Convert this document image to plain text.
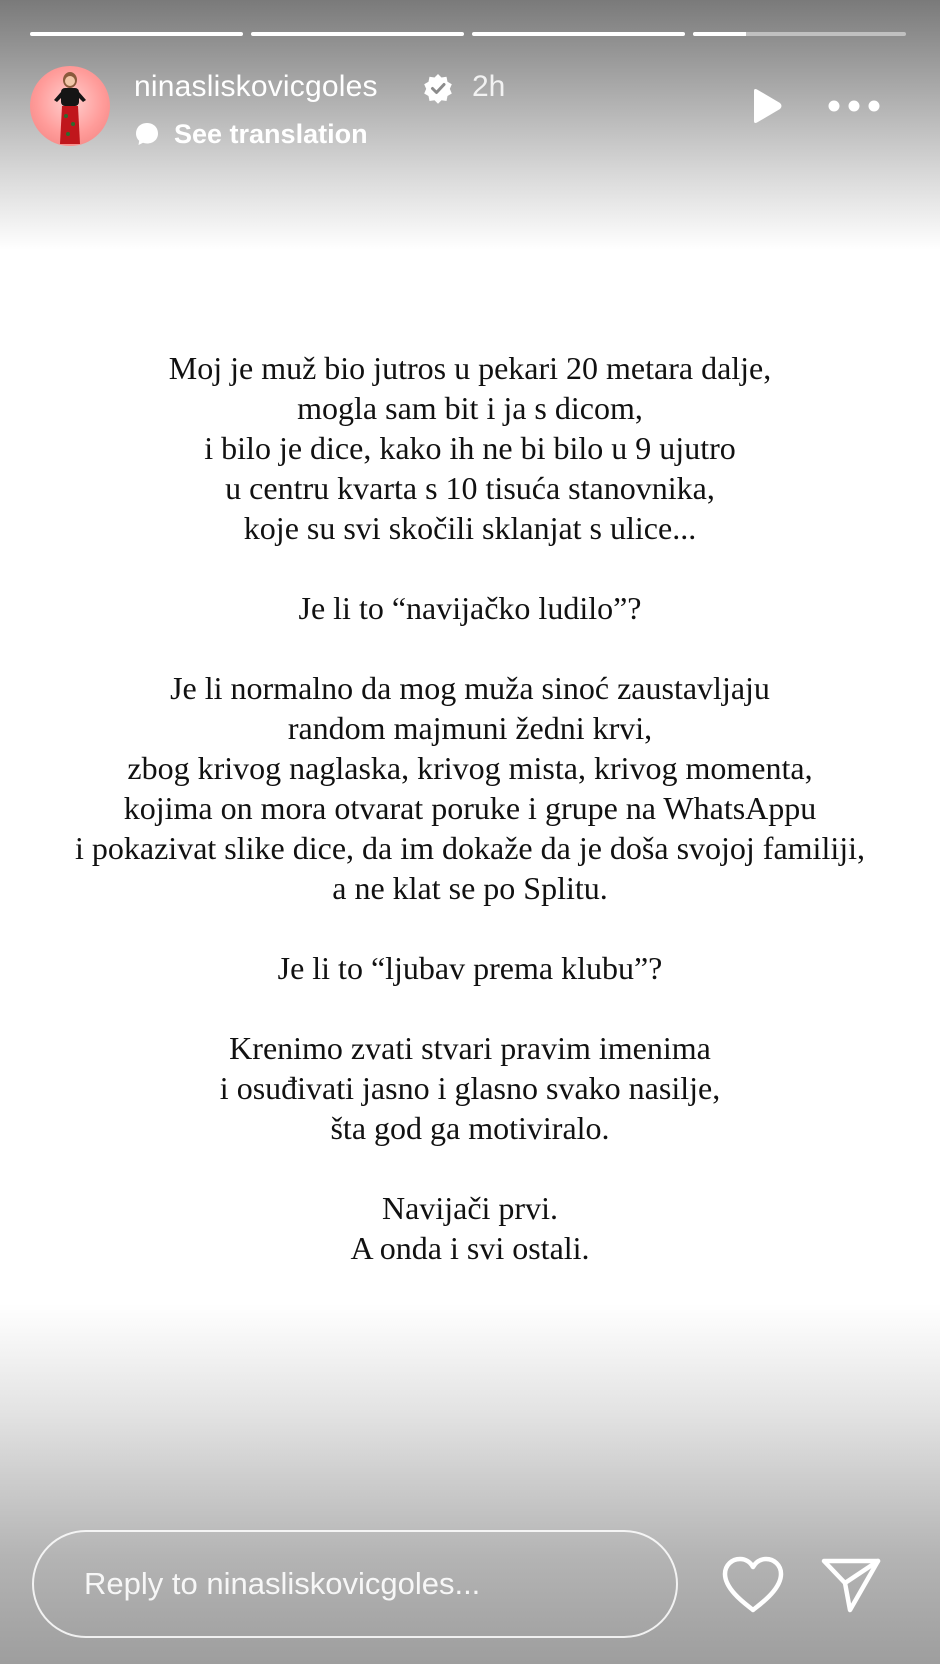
ninasliskovicgoles	2h
See translation

Moj je muž bio jutros u pekari 20 metara dalje,
mogla sam bit i ja s dicom,
i bilo je dice, kako ih ne bi bilo u 9 ujutro
u centru kvarta s 10 tisuća stanovnika,
koje su svi skočili sklanjat s ulice...

Je li to “navijačko ludilo”?

Je li normalno da mog muža sinoć zaustavljaju
random majmuni žedni krvi,
zbog krivog naglaska, krivog mista, krivog momenta,
kojima on mora otvarat poruke i grupe na WhatsAppu
i pokazivat slike dice, da im dokaže da je doša svojoj familiji,
a ne klat se po Splitu.

Je li to “ljubav prema klubu”?

Krenimo zvati stvari pravim imenima
i osuđivati jasno i glasno svako nasilje,
šta god ga motiviralo.

Navijači prvi.
A onda i svi ostali.

Reply to ninasliskovicgoles...
